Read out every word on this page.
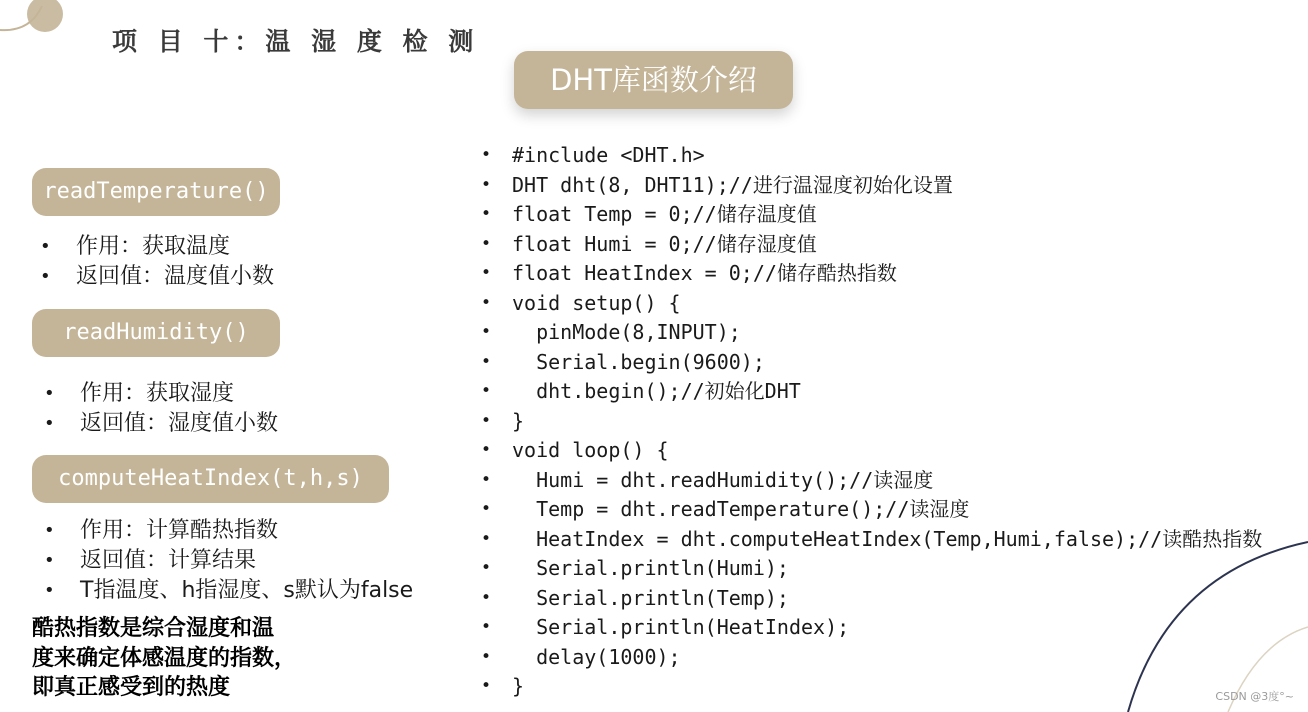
项 目 十：温 湿 度 检 测
DHT库函数介绍
readTemperature()
• 作用：获取温度
• 返回值：温度值小数
readHumidity()
• 作用：获取湿度
• 返回值：湿度值小数
computeHeatIndex(t,h,s)
• 作用：计算酷热指数
• 返回值：计算结果
• T指温度、h指湿度、s默认为false
酷热指数是综合湿度和温
度来确定体感温度的指数，
即真正感受到的热度
• #include <DHT.h>
• DHT dht(8, DHT11);//进行温湿度初始化设置
• float Temp = 0;//储存温度值
• float Humi = 0;//储存湿度值
• float HeatIndex = 0;//储存酷热指数
• void setup() {
•   pinMode(8,INPUT);
•   Serial.begin(9600);
•   dht.begin();//初始化DHT
• }
• void loop() {
•   Humi = dht.readHumidity();//读湿度
•   Temp = dht.readTemperature();//读湿度
•   HeatIndex = dht.computeHeatIndex(Temp,Humi,false);//读酷热指数
•   Serial.println(Humi);
•   Serial.println(Temp);
•   Serial.println(HeatIndex);
•   delay(1000);
• }	CSDN @3度°~
